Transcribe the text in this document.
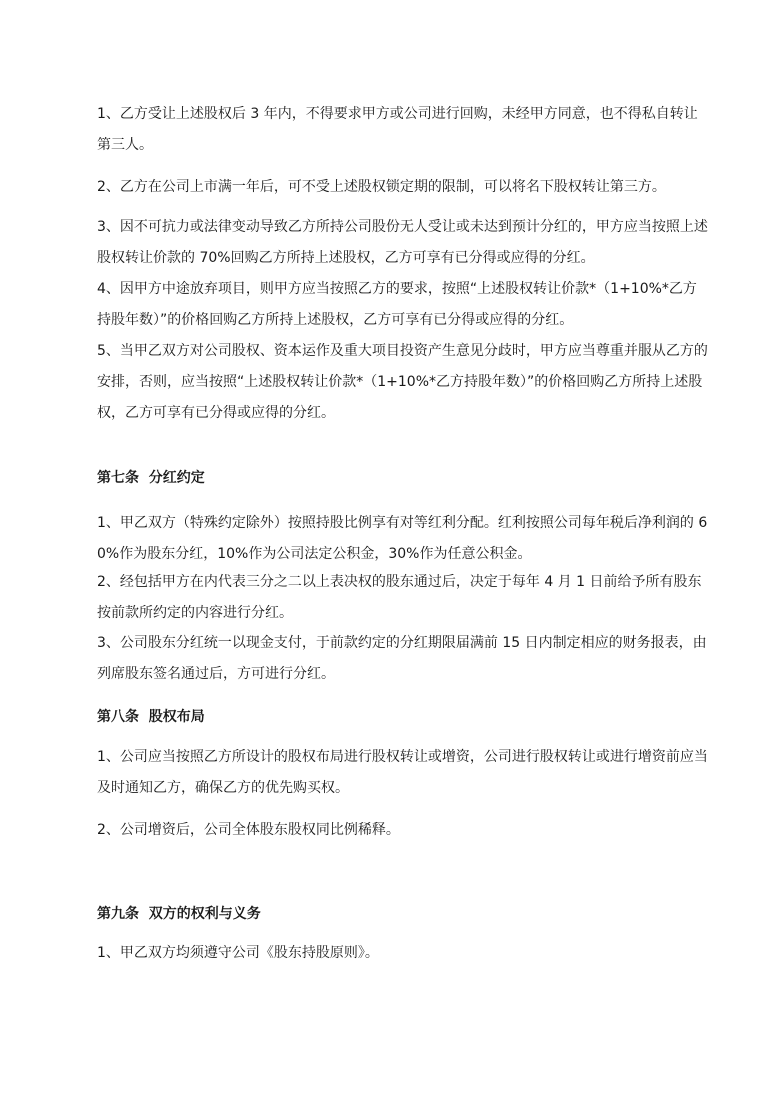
1、乙方受让上述股权后 3 年内，不得要求甲方或公司进行回购，未经甲方同意，也不得私自转让第三人。

2、乙方在公司上市满一年后，可不受上述股权锁定期的限制，可以将名下股权转让第三方。

3、因不可抗力或法律变动导致乙方所持公司股份无人受让或未达到预计分红的，甲方应当按照上述股权转让价款的 70%回购乙方所持上述股权，乙方可享有已分得或应得的分红。

4、因甲方中途放弃项目，则甲方应当按照乙方的要求，按照“上述股权转让价款*（1+10%*乙方持股年数）”的价格回购乙方所持上述股权，乙方可享有已分得或应得的分红。

5、当甲乙双方对公司股权、资本运作及重大项目投资产生意见分歧时，甲方应当尊重并服从乙方的安排，否则，应当按照“上述股权转让价款*（1+10%*乙方持股年数）”的价格回购乙方所持上述股权，乙方可享有已分得或应得的分红。

第七条  分红约定

1、甲乙双方（特殊约定除外）按照持股比例享有对等红利分配。红利按照公司每年税后净利润的 60%作为股东分红，10%作为公司法定公积金，30%作为任意公积金。

2、经包括甲方在内代表三分之二以上表决权的股东通过后，决定于每年 4 月 1 日前给予所有股东按前款所约定的内容进行分红。

3、公司股东分红统一以现金支付，于前款约定的分红期限届满前 15 日内制定相应的财务报表，由列席股东签名通过后，方可进行分红。

第八条  股权布局

1、公司应当按照乙方所设计的股权布局进行股权转让或增资，公司进行股权转让或进行增资前应当及时通知乙方，确保乙方的优先购买权。

2、公司增资后，公司全体股东股权同比例稀释。

第九条  双方的权利与义务

1、甲乙双方均须遵守公司《股东持股原则》。
